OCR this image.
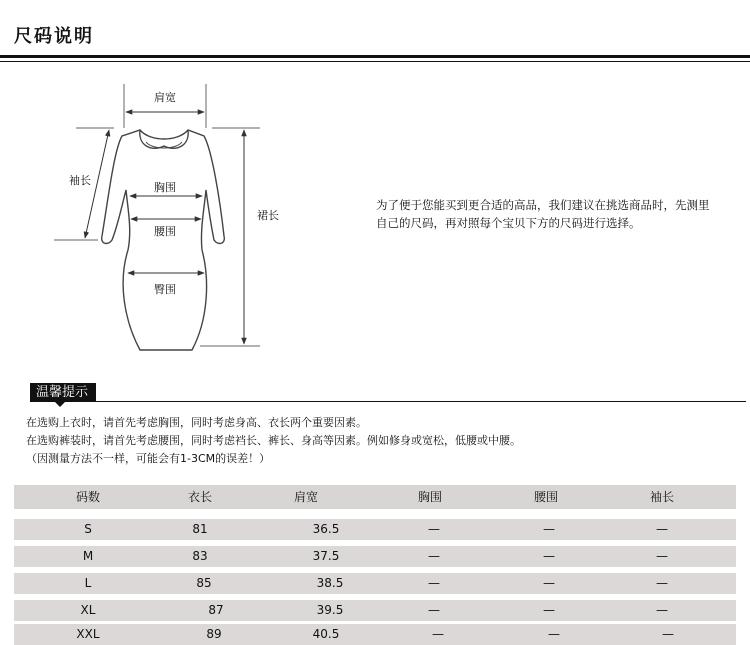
尺码说明
肩宽
袖长
胸围
腰围
臀围
裙长
为了便于您能买到更合适的高品，我们建议在挑选商品时，先测里
自己的尺码，再对照每个宝贝下方的尺码进行选择。
温馨提示
在选购上衣时，请首先考虑胸围，同时考虑身高、衣长两个重要因素。
在选购裤装时，请首先考虑腰围，同时考虑裆长、裤长、身高等因素。例如修身或宽松，低腰或中腰。
（因测量方法不一样，可能会有1-3CM的误差！）
码数	衣长	肩宽	胸围	腰围	袖长
S	81	36.5	—	—	—
M	83	37.5	—	—	—
L	85	38.5	—	—	—
XL	87	39.5	—	—	—
XXL	89	40.5	—	—	—
